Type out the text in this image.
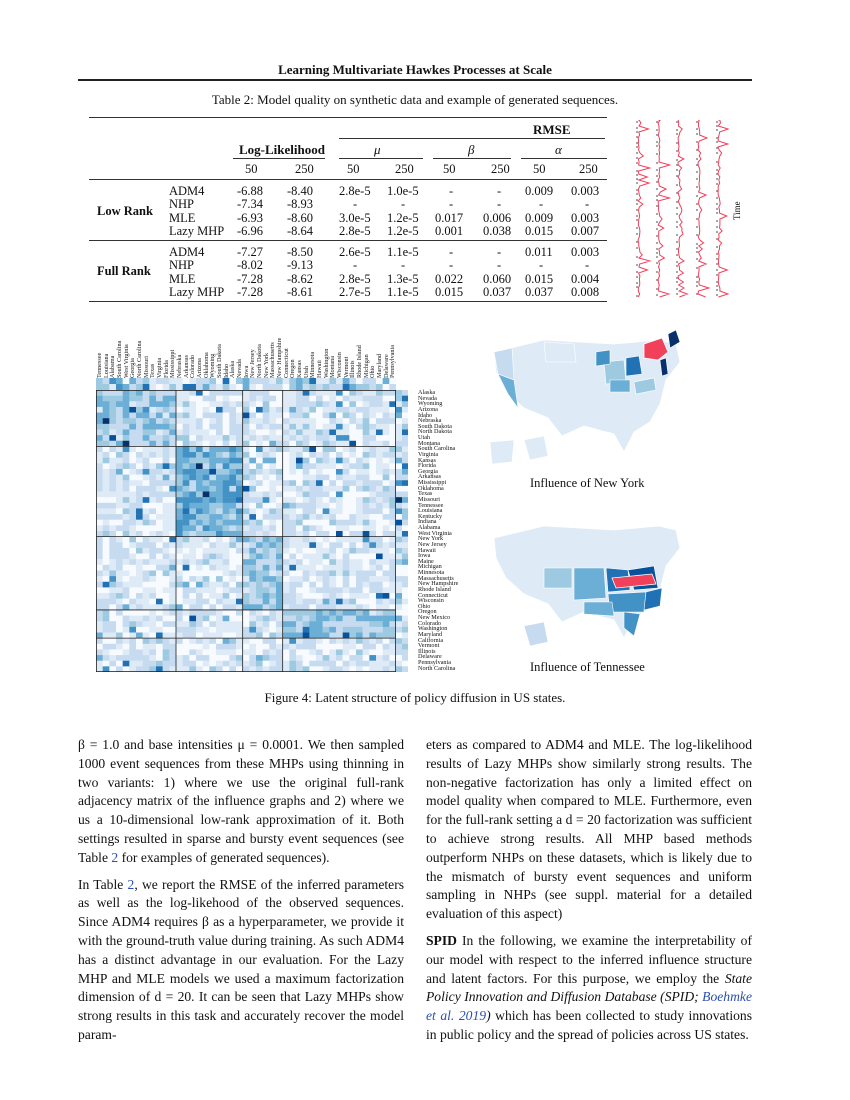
Learning Multivariate Hawkes Processes at Scale
Table 2: Model quality on synthetic data and example of generated sequences.
RMSE
Log-Likelihood	μ	β	α
50	250	50	250 50	250 50	250
Low Rank
ADM4	-6.88 -8.40 2.8e-5 1.0e-5 -	- 0.009 0.003
NHP	-7.34 -8.93	-	-	-	-	-	-
MLE	-6.93 -8.60 3.0e-5 1.2e-5 0.017 0.006 0.009 0.003
Lazy MHP -6.96 -8.64 2.8e-5 1.2e-5 0.001 0.038 0.015 0.007
Full Rank
ADM4	-7.27 -8.50 2.6e-5 1.1e-5 -	- 0.011 0.003
NHP	-8.02 -9.13	-	-	-	-	-	-
MLE	-7.28 -8.62 2.8e-5 1.3e-5 0.022 0.060 0.015 0.004
Lazy MHP -7.28 -8.61 2.7e-5 1.1e-5 0.015 0.037 0.037 0.008
Time
Tennessee Louisiana Alabama South Carolina West Virginia Georgia North Carolina Missouri Texas Virginia Florida Mississippi Nebraska Arkansas Colorado Arizona Oklahoma Wyoming South Dakota Idaho Alaska Nevada Iowa New Jersey North Dakota New York Massachusetts New Hampshire Connecticut Oregon Kansas Utah Minnesota Hawaii Washington Montana Wisconsin Vermont Illinois Rhode Island Michigan Ohio Maryland Delaware Pennsylvania
Alaska
Nevada
Wyoming
Arizona
Idaho
Nebraska
South Dakota
North Dakota
Utah
Montana
South Carolina
Virginia
Kansas
Florida
Georgia
Arkansas
Mississippi
Oklahoma
Texas
Missouri
Tennessee
Louisiana
Kentucky
Indiana
Alabama
West Virginia
New York
New Jersey
Hawaii
Iowa
Maine
Michigan
Minnesota
Massachusetts
New Hampshire
Rhode Island
Connecticut
Wisconsin
Ohio
Oregon
New Mexico
Colorado
Washington
Maryland
California
Vermont
Illinois
Delaware
Pennsylvania
North Carolina
Influence of New York
Influence of Tennessee
Figure 4: Latent structure of policy diffusion in US states.

β = 1.0 and base intensities μ = 0.0001. We then sampled 1000 event sequences from these MHPs using thinning in two variants: 1) where we use the original full-rank adjacency matrix of the influence graphs and 2) where we us a 10-dimensional low-rank approximation of it. Both settings resulted in sparse and bursty event sequences (see Table 2 for examples of generated sequences).

In Table 2, we report the RMSE of the inferred parameters as well as the log-likehood of the observed sequences. Since ADM4 requires β as a hyperparameter, we provide it with the ground-truth value during training. As such ADM4 has a distinct advantage in our evaluation. For the Lazy MHP and MLE models we used a maximum factorization dimension of d = 20. It can be seen that Lazy MHPs show strong results in this task and accurately recover the model param-

eters as compared to ADM4 and MLE. The log-likelihood results of Lazy MHPs show similarly strong results. The non-negative factorization has only a limited effect on model quality when compared to MLE. Furthermore, even for the full-rank setting a d = 20 factorization was sufficient to achieve strong results. All MHP based methods outperform NHPs on these datasets, which is likely due to the mismatch of bursty event sequences and uniform sampling in NHPs (see suppl. material for a detailed evaluation of this aspect)

SPID In the following, we examine the interpretability of our model with respect to the inferred influence structure and latent factors. For this purpose, we employ the State Policy Innovation and Diffusion Database (SPID; Boehmke et al. 2019) which has been collected to study innovations in public policy and the spread of policies across US states.
